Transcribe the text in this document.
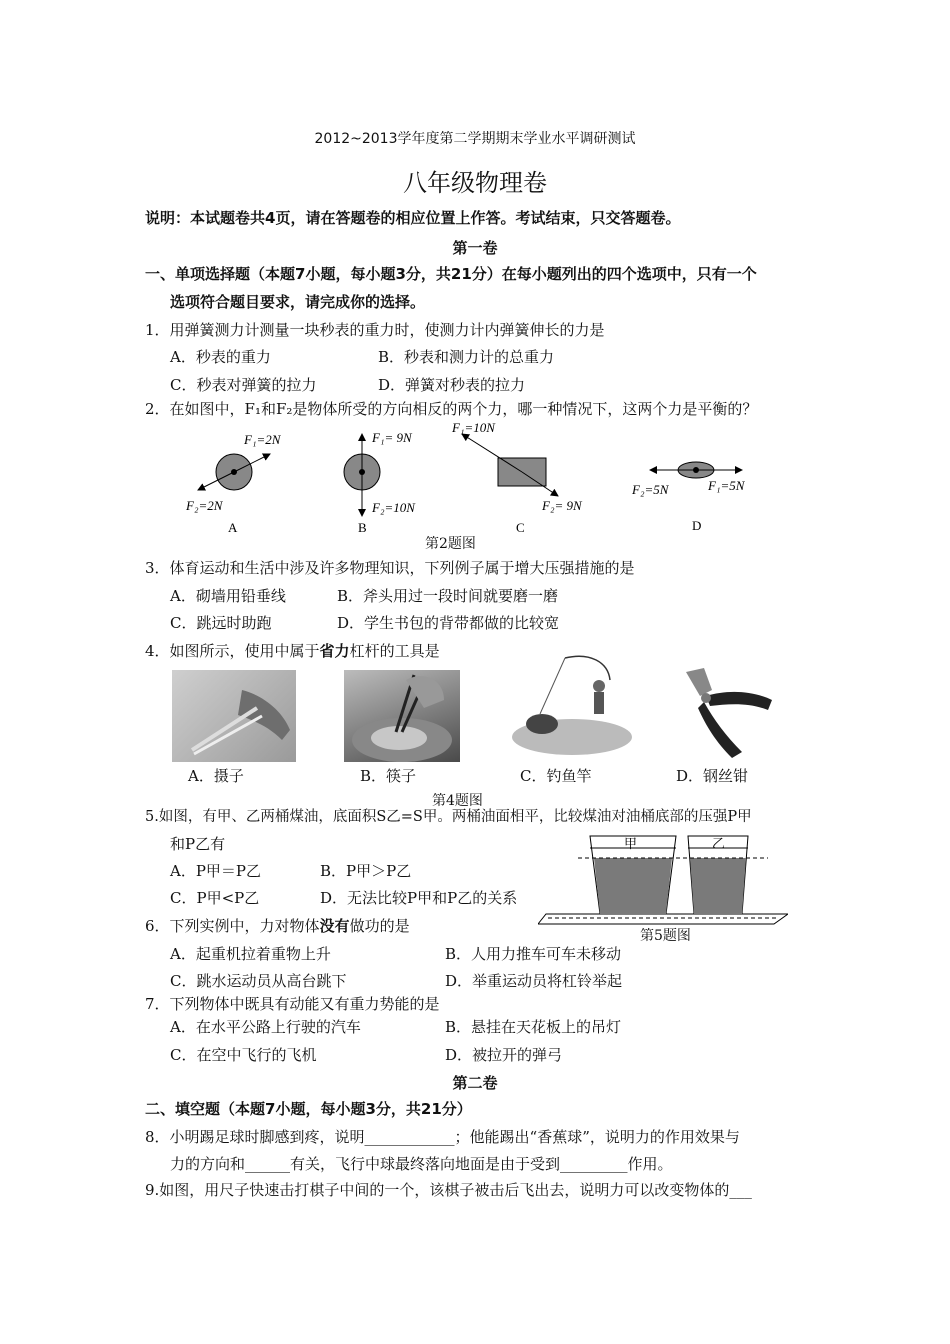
2012~2013学年度第二学期期末学业水平调研测试
八年级物理卷
说明：本试题卷共4页，请在答题卷的相应位置上作答。考试结束，只交答题卷。
第一卷
一、单项选择题（本题7小题，每小题3分，共21分）在每小题列出的四个选项中，只有一个
选项符合题目要求，请完成你的选择。
1．用弹簧测力计测量一块秒表的重力时，使测力计内弹簧伸长的力是
A．秒表的重力	B．秒表和测力计的总重力
C．秒表对弹簧的拉力	D．弹簧对秒表的拉力
2．在如图中，F₁和F₂是物体所受的方向相反的两个力，哪一种情况下，这两个力是平衡的？
F₁=2N
F₂=2N
A
F₁= 9N
F₂=10N
B
F₁=10N
F₂= 9N
C
F₁=5N
F₂=5N
D
第2题图
3．体育运动和生活中涉及许多物理知识，下列例子属于增大压强措施的是
A．砌墙用铅垂线	B．斧头用过一段时间就要磨一磨
C．跳远时助跑	D．学生书包的背带都做的比较宽
4．如图所示，使用中属于省力杠杆的工具是
A．摄子	B．筷子	C．钓鱼竿	D．钢丝钳
第4题图
5.如图，有甲、乙两桶煤油，底面积S乙=S甲。两桶油面相平，比较煤油对油桶底部的压强P甲
和P乙有
A．P甲＝P乙	B．P甲＞P乙
C．P甲<P乙	D．无法比较P甲和P乙的关系
甲	乙
第5题图
6．下列实例中，力对物体没有做功的是
A．起重机拉着重物上升	B．人用力推车可车未移动
C．跳水运动员从高台跳下	D．举重运动员将杠铃举起
7．下列物体中既具有动能又有重力势能的是
A．在水平公路上行驶的汽车	B．悬挂在天花板上的吊灯
C．在空中飞行的飞机	D．被拉开的弹弓
第二卷
二、填空题（本题7小题，每小题3分，共21分）
8．小明踢足球时脚感到疼，说明____________；他能踢出“香蕉球”，说明力的作用效果与
力的方向和______有关，飞行中球最终落向地面是由于受到_________作用。
9.如图，用尺子快速击打棋子中间的一个，该棋子被击后飞出去，说明力可以改变物体的___
